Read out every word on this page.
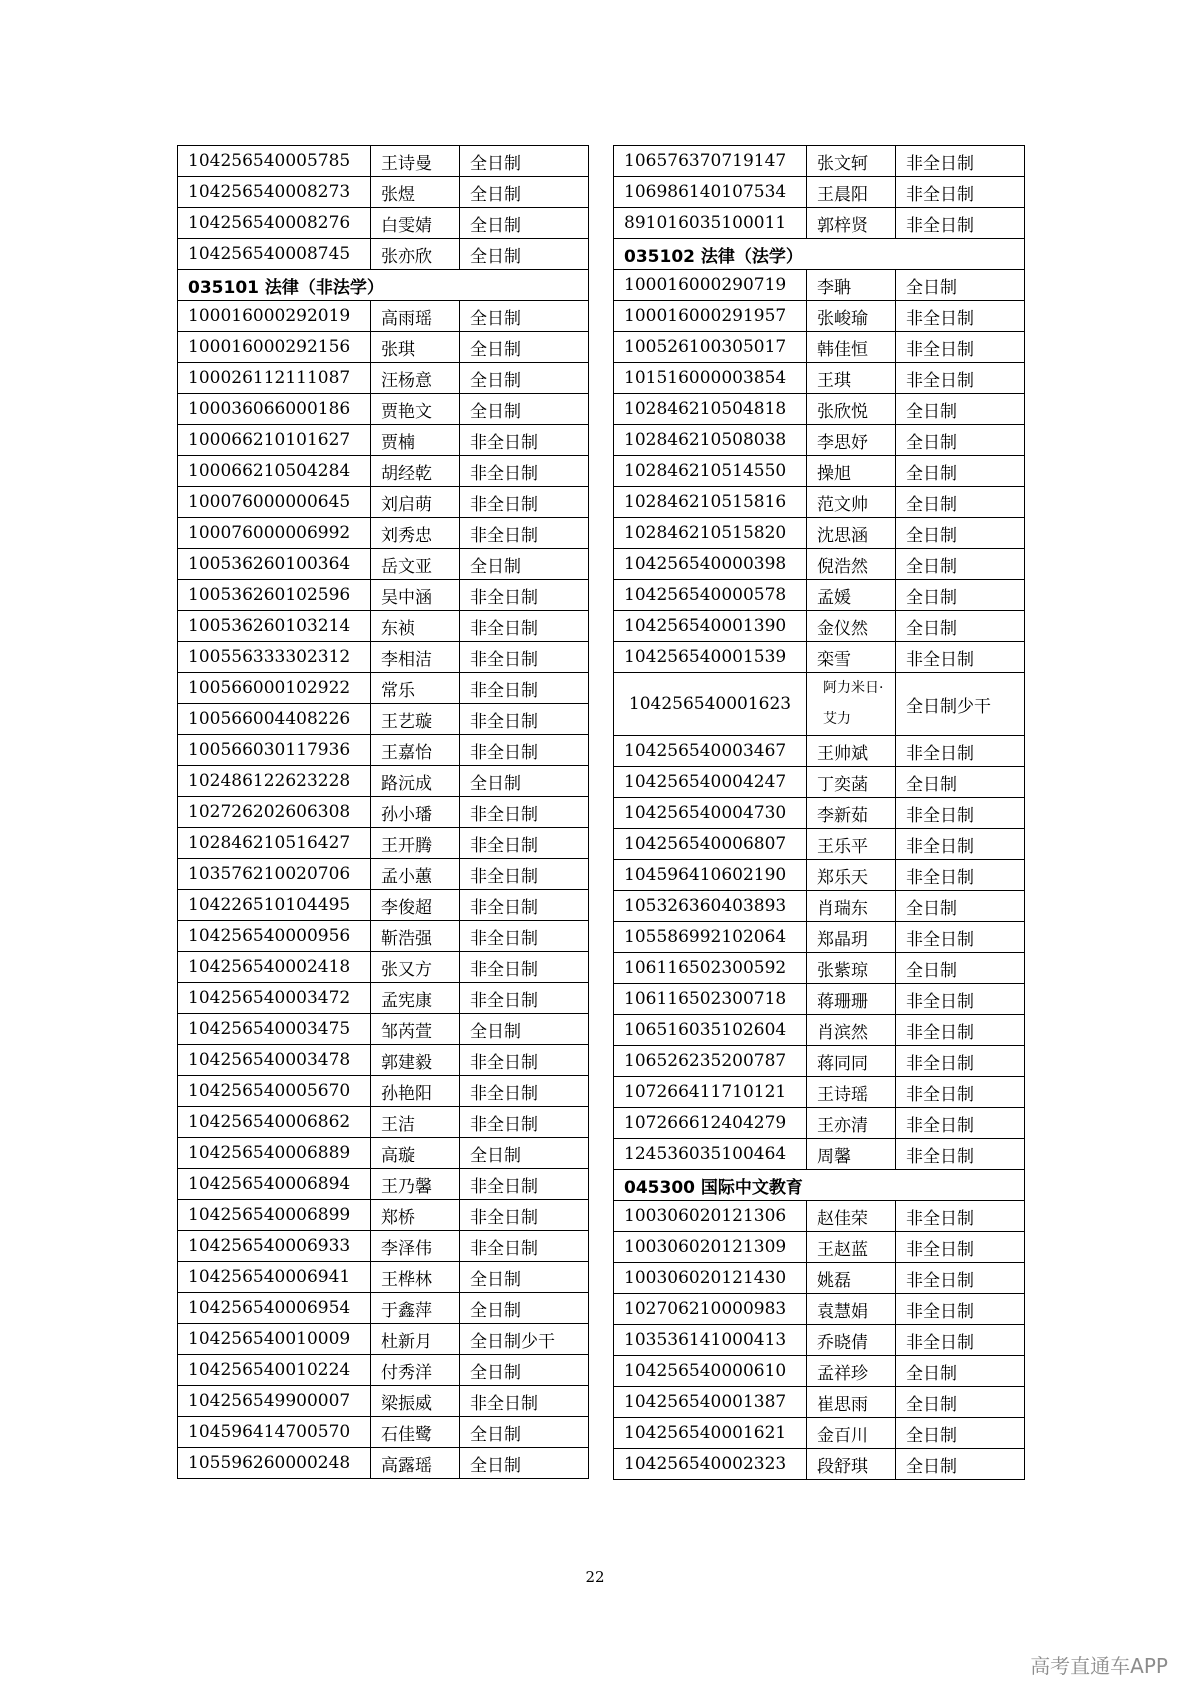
104256540005785	王诗曼	全日制
104256540008273	张煜	全日制
104256540008276	白雯婧	全日制
104256540008745	张亦欣	全日制
035101 法律（非法学）		
100016000292019	高雨瑶	全日制
100016000292156	张琪	全日制
100026112111087	汪杨意	全日制
100036066000186	贾艳文	全日制
100066210101627	贾楠	非全日制
100066210504284	胡经乾	非全日制
100076000000645	刘启萌	非全日制
100076000006992	刘秀忠	非全日制
100536260100364	岳文亚	全日制
100536260102596	吴中涵	非全日制
100536260103214	东祯	非全日制
100556333302312	李相洁	非全日制
100566000102922	常乐	非全日制
100566004408226	王艺璇	非全日制
100566030117936	王嘉怡	非全日制
102486122623228	路沅成	全日制
102726202606308	孙小璠	非全日制
102846210516427	王开腾	非全日制
103576210020706	孟小蕙	非全日制
104226510104495	李俊超	非全日制
104256540000956	靳浩强	非全日制
104256540002418	张又方	非全日制
104256540003472	孟宪康	非全日制
104256540003475	邹芮萱	全日制
104256540003478	郭建毅	非全日制
104256540005670	孙艳阳	非全日制
104256540006862	王洁	非全日制
104256540006889	高璇	全日制
104256540006894	王乃馨	非全日制
104256540006899	郑桥	非全日制
104256540006933	李泽伟	非全日制
104256540006941	王桦林	全日制
104256540006954	于鑫萍	全日制
104256540010009	杜新月	全日制少干
104256540010224	付秀洋	全日制
104256549900007	梁振威	非全日制
104596414700570	石佳鹭	全日制
105596260000248	高露瑶	全日制
106576370719147	张文轲	非全日制
106986140107534	王晨阳	非全日制
891016035100011	郭梓贤	非全日制
035102 法律（法学）		
100016000290719	李聃	全日制
100016000291957	张峻瑜	非全日制
100526100305017	韩佳恒	非全日制
101516000003854	王琪	非全日制
102846210504818	张欣悦	全日制
102846210508038	李思妤	全日制
102846210514550	操旭	全日制
102846210515816	范文帅	全日制
102846210515820	沈思涵	全日制
104256540000398	倪浩然	全日制
104256540000578	孟媛	全日制
104256540001390	金仪然	全日制
104256540001539	栾雪	非全日制
104256540001623	阿力米日·艾力	全日制少干
104256540003467	王帅斌	非全日制
104256540004247	丁奕菡	全日制
104256540004730	李新茹	非全日制
104256540006807	王乐平	非全日制
104596410602190	郑乐天	非全日制
105326360403893	肖瑞东	全日制
105586992102064	郑晶玥	非全日制
106116502300592	张紫琼	全日制
106116502300718	蒋珊珊	非全日制
106516035102604	肖滨然	非全日制
106526235200787	蒋同同	非全日制
107266411710121	王诗瑶	非全日制
107266612404279	王亦清	非全日制
124536035100464	周馨	非全日制
045300 国际中文教育		
100306020121306	赵佳荣	非全日制
100306020121309	王赵蓝	非全日制
100306020121430	姚磊	非全日制
102706210000983	袁慧娟	非全日制
103536141000413	乔晓倩	非全日制
104256540000610	孟祥珍	全日制
104256540001387	崔思雨	全日制
104256540001621	金百川	全日制
104256540002323	段舒琪	全日制
22
高考直通车APP
